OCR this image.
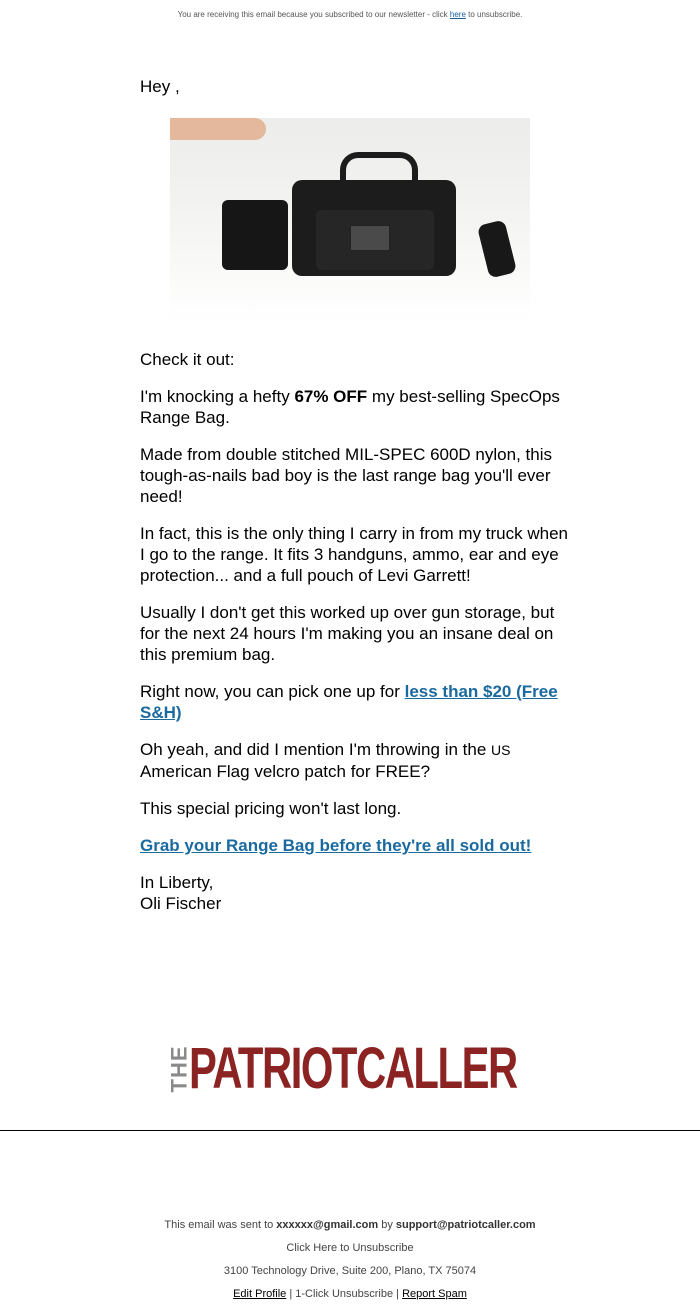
You are receiving this email because you subscribed to our newsletter - click here to unsubscribe.

Hey ,

Check it out:

I'm knocking a hefty 67% OFF my best-selling SpecOps Range Bag.

Made from double stitched MIL-SPEC 600D nylon, this tough-as-nails bad boy is the last range bag you'll ever need!

In fact, this is the only thing I carry in from my truck when I go to the range. It fits 3 handguns, ammo, ear and eye protection... and a full pouch of Levi Garrett!

Usually I don't get this worked up over gun storage, but for the next 24 hours I'm making you an insane deal on this premium bag.

Right now, you can pick one up for less than $20 (Free S&H)

Oh yeah, and did I mention I'm throwing in the US American Flag velcro patch for FREE?

This special pricing won't last long.

Grab your Range Bag before they're all sold out!

In Liberty,
Oli Fischer

THEPATRIOTCALLER
This email was sent to xxxxxx@gmail.com by support@patriotcaller.com
Click Here to Unsubscribe
3100 Technology Drive, Suite 200, Plano, TX 75074
Edit Profile | 1-Click Unsubscribe | Report Spam
